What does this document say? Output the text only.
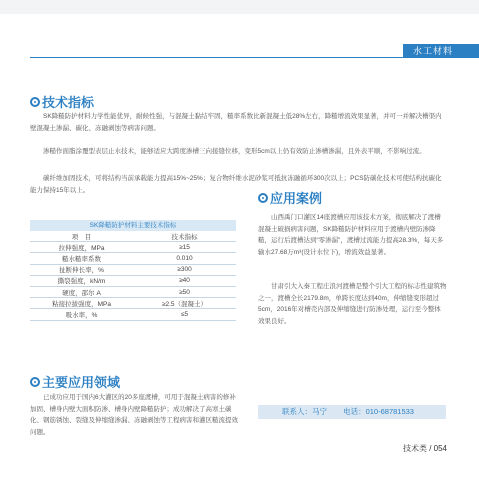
水工材料
技术指标

SK降糙防护材料力学性能优异，耐候性强，与混凝土黏结牢固，糙率系数比新混凝土低28%左右，降糙增流效果显著，并可一并解决槽渠内壁混凝土渗漏、碳化、冻融剥蚀等病害问题。

渗糙作面脂涂覆型表层止水技术，能够适应大跨度渗槽三向接缝位移，变形5cm以上仍有效防止渗槽渗漏，且外表平顺，不影响过流。

碳纤维加固技术，可将结构当前承载能力提高15%~25%；复合物纤维水泥砂浆可抵抗冻融循环300次以上；PCS防碳化技术可使结构抗碳化能力保持15年以上。

SK降糙防护材料主要技术指标
项　目	技术指标
拉伸强度，MPa	≥15
糙水糙率系数	0.010
扯断伸长率，%	≥300
撕裂强度，kN/m	≥40
硬度，邵尔 A	≥50
粘接拉拔强度，MPa	≥2.5（混凝土）
吸水率，%	≤5
主要应用领域

已成功应用于国内6大灌区的20多座渡槽，可用于混凝土病害的修补加固、槽身内壁大面积防渗、槽身内壁降糙防护；成功解决了高寒土碳化、钢筋锈蚀、裂缝及伸缩缝渗漏、冻融剥蚀等工程病害和灌区糙流提效问题。

应用案例

山西禹门口灌区14座渡槽应用该技术方案，彻底解决了渡槽混凝土破损病害问题，SK降糙防护材料应用于渡槽内壁防渗降糙，运行后渡槽达到“零渗漏”，渡槽过流能力提高28.3%，每天多输水27.68万m³(设计水位下)，增流效益显著。

甘肃引大入秦工程庄浪河渡槽是整个引大工程的标志性建筑物之一，渡槽全长2179.8m，单跨长度达到40m，伸缩缝变形超过5cm，2016年对槽壳内部及伸缩缝进行防渗处理，运行至今整体效果良好。

联系人：马宁 电话：010-68781533
技术类 / 054
